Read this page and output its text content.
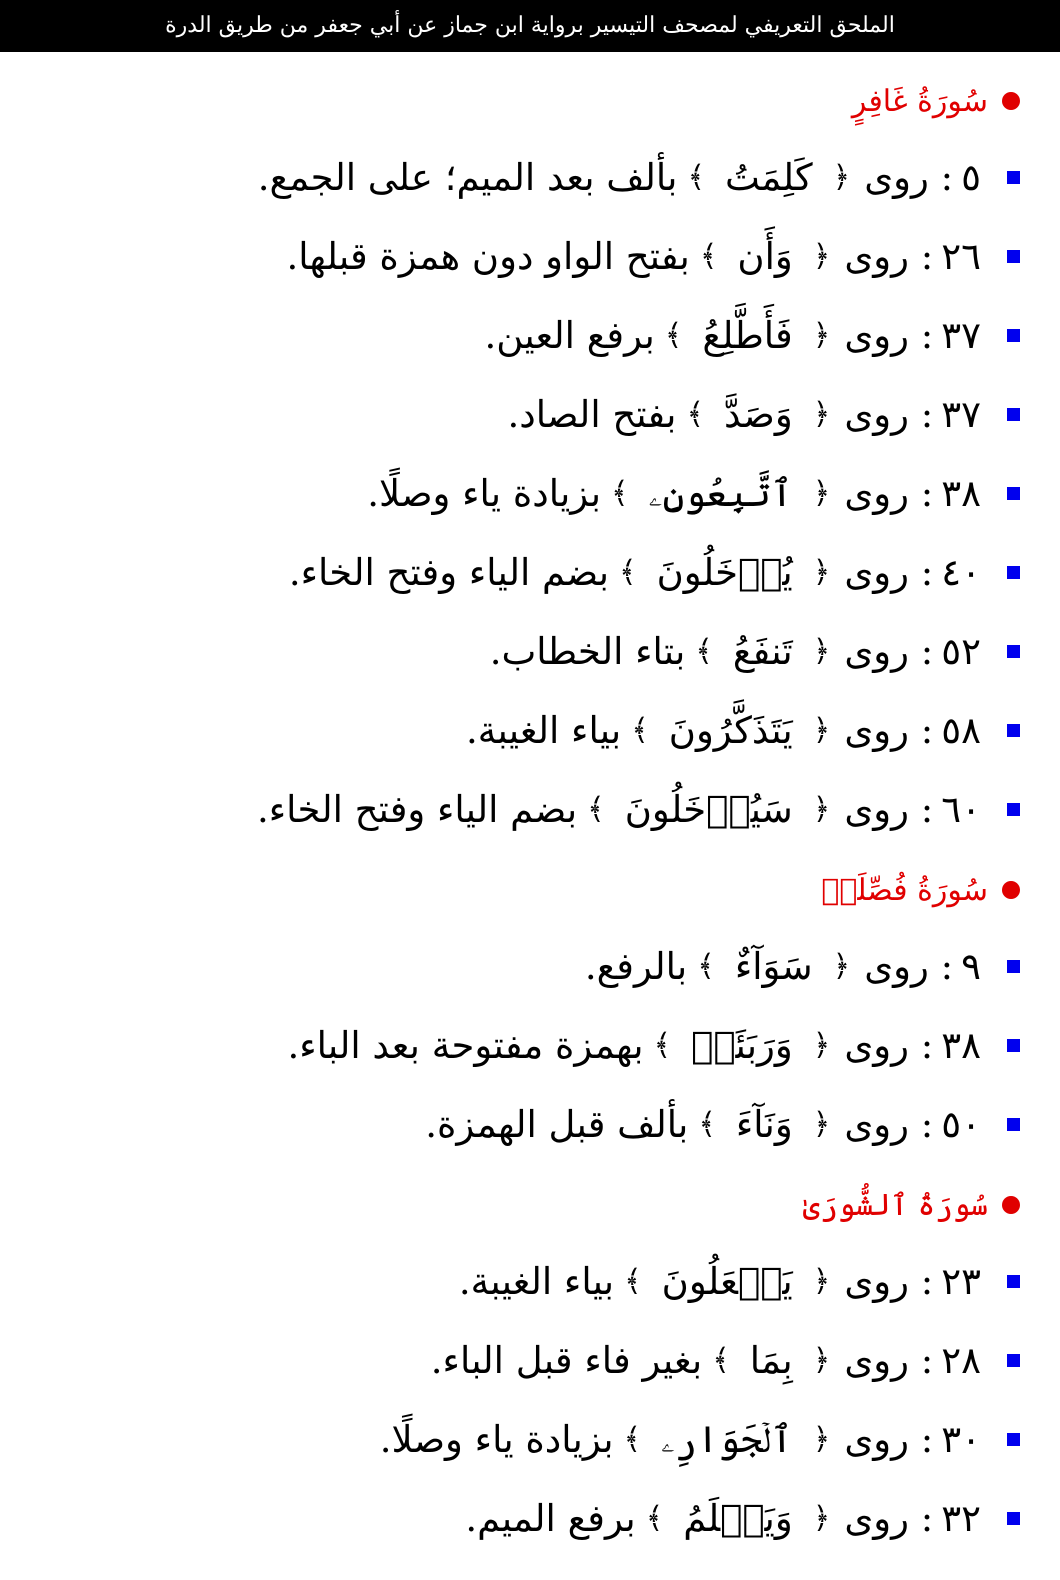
الملحق التعريفي لمصحف التيسير برواية ابن جماز عن أبي جعفر من طريق الدرة
سُورَةُ غَافِرٍ
٥
:

روى
﴿
كَلِمَتُ
﴾
بألف بعد الميم؛ على الجمع.
٢٦
:

روى
﴿
وَأَن
﴾
بفتح الواو دون همزة قبلها.
٣٧
:

روى
﴿
فَأَطَّلِعُ
﴾
برفع العين.
٣٧
:

روى
﴿
وَصَدَّ
﴾
بفتح الصاد.
٣٨
:

روى
﴿
ٱتَّبِعُونِۦ
﴾
بزيادة ياء وصلًا.
٤٠
:

روى
﴿
يُدۡخَلُونَ
﴾
بضم الياء وفتح الخاء.
٥٢
:

روى
﴿
تَنفَعُ
﴾
بتاء الخطاب.
٥٨
:

روى
﴿
يَتَذَكَّرُونَ
﴾
بياء الغيبة.
٦٠
:

روى
﴿
سَيُدۡخَلُونَ
﴾
بضم الياء وفتح الخاء.
سُورَةُ فُصِّلَتۡ
٩
:

روى
﴿
سَوَآءٌ
﴾
بالرفع.
٣٨
:

روى
﴿
وَرَبَئَتۡ
﴾
بهمزة مفتوحة بعد الباء.
٥٠
:

روى
﴿
وَنَآءَ
﴾
بألف قبل الهمزة.
سُورَةُ ٱلشُّورَىٰ
٢٣
:

روى
﴿
يَفۡعَلُونَ
﴾
بياء الغيبة.
٢٨
:

روى
﴿
بِمَا
﴾
بغير فاء قبل الباء.
٣٠
:

روى
﴿
ٱلۡجَوَارِۦ
﴾
بزيادة ياء وصلًا.
٣٢
:

روى
﴿
وَيَعۡلَمُ
﴾
برفع الميم.
